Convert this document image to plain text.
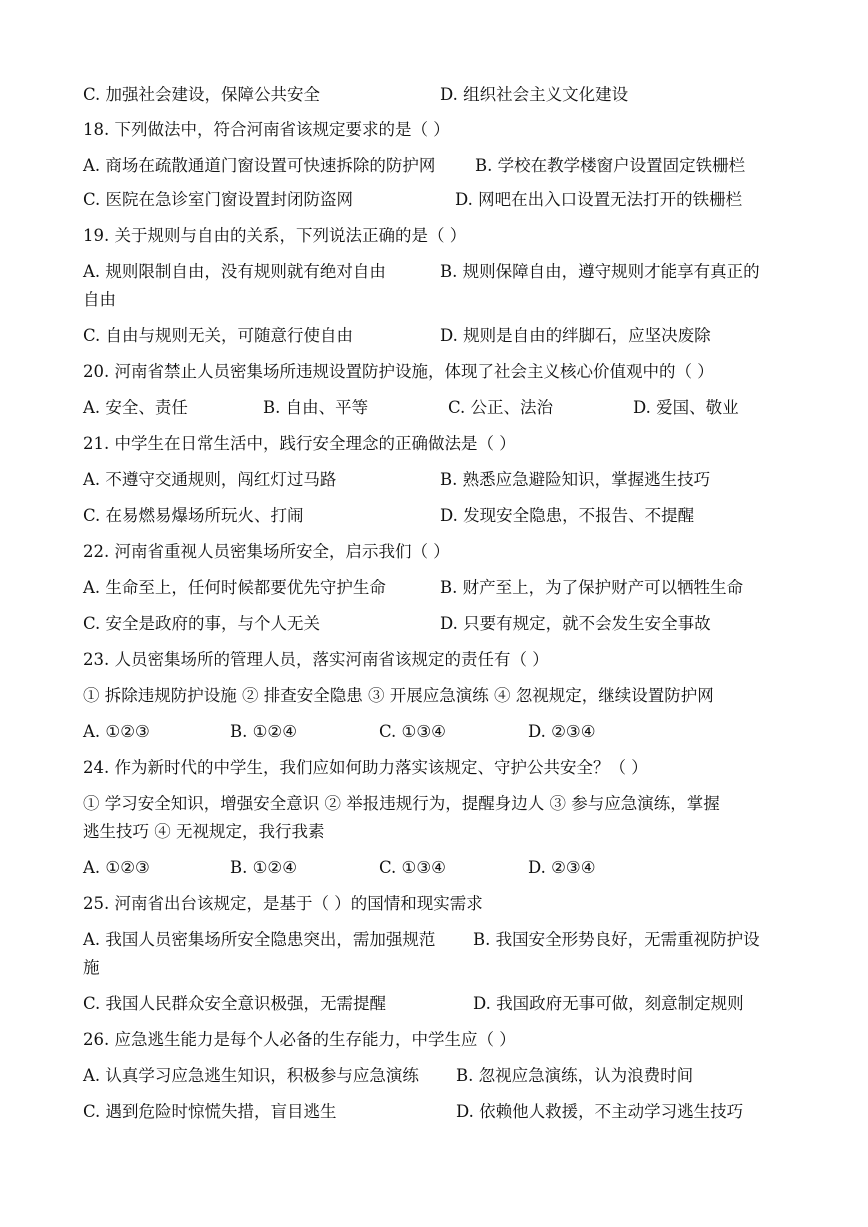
C. 加强社会建设，保障公共安全	D. 组织社会主义文化建设
18. 下列做法中，符合河南省该规定要求的是（ ）
A. 商场在疏散通道门窗设置可快速拆除的防护网 B. 学校在教学楼窗户设置固定铁栅栏
C. 医院在急诊室门窗设置封闭防盗网	D. 网吧在出入口设置无法打开的铁栅栏
19. 关于规则与自由的关系，下列说法正确的是（ ）
A. 规则限制自由，没有规则就有绝对自由	B. 规则保障自由，遵守规则才能享有真正的
自由
C. 自由与规则无关，可随意行使自由	D. 规则是自由的绊脚石，应坚决废除
20. 河南省禁止人员密集场所违规设置防护设施，体现了社会主义核心价值观中的（ ）
A. 安全、责任	B. 自由、平等	C. 公正、法治	D. 爱国、敬业
21. 中学生在日常生活中，践行安全理念的正确做法是（ ）
A. 不遵守交通规则，闯红灯过马路	B. 熟悉应急避险知识，掌握逃生技巧
C. 在易燃易爆场所玩火、打闹	D. 发现安全隐患，不报告、不提醒
22. 河南省重视人员密集场所安全，启示我们（ ）
A. 生命至上，任何时候都要优先守护生命	B. 财产至上，为了保护财产可以牺牲生命
C. 安全是政府的事，与个人无关	D. 只要有规定，就不会发生安全事故
23. 人员密集场所的管理人员，落实河南省该规定的责任有（ ）
① 拆除违规防护设施 ② 排查安全隐患 ③ 开展应急演练 ④ 忽视规定，继续设置防护网
A. ①②③	B. ①②④	C. ①③④	D. ②③④
24. 作为新时代的中学生，我们应如何助力落实该规定、守护公共安全？（ ）
① 学习安全知识，增强安全意识 ② 举报违规行为，提醒身边人 ③ 参与应急演练，掌握
逃生技巧 ④ 无视规定，我行我素
A. ①②③	B. ①②④	C. ①③④	D. ②③④
25. 河南省出台该规定，是基于（ ）的国情和现实需求
A. 我国人员密集场所安全隐患突出，需加强规范 B. 我国安全形势良好，无需重视防护设
施
C. 我国人民群众安全意识极强，无需提醒	D. 我国政府无事可做，刻意制定规则
26. 应急逃生能力是每个人必备的生存能力，中学生应（ ）
A. 认真学习应急逃生知识，积极参与应急演练 B. 忽视应急演练，认为浪费时间
C. 遇到危险时惊慌失措，盲目逃生	D. 依赖他人救援，不主动学习逃生技巧
